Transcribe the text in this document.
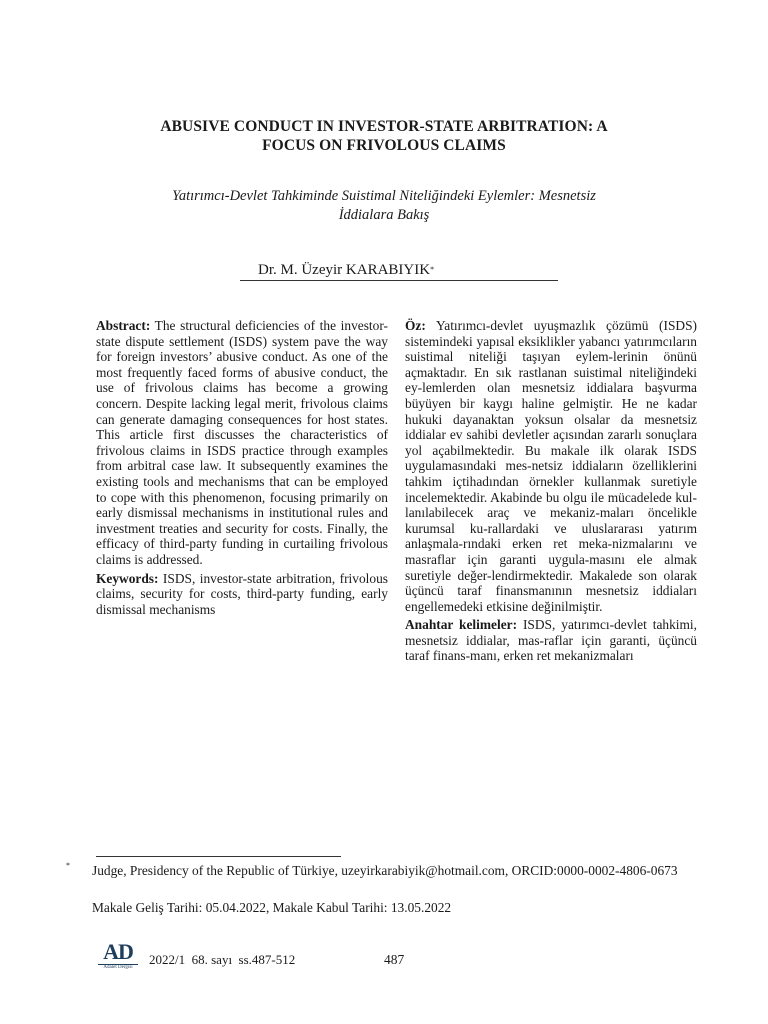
ABUSIVE CONDUCT IN INVESTOR-STATE ARBITRATION: A
FOCUS ON FRIVOLOUS CLAIMS
Yatırımcı-Devlet Tahkiminde Suistimal Niteliğindeki Eylemler: Mesnetsiz
İddialara Bakış
Dr. M. Üzeyir KARABIYIK*

Abstract: The structural deficiencies of the investor-state dispute settlement (ISDS) system pave the way for foreign investors’ abusive conduct. As one of the most frequently faced forms of abusive conduct, the use of frivolous claims has become a growing concern. Despite lacking legal merit, frivolous claims can generate damaging consequences for host states. This article first discusses the characteristics of frivolous claims in ISDS practice through examples from arbitral case law. It subsequently examines the existing tools and mechanisms that can be employed to cope with this phenomenon, focusing primarily on early dismissal mechanisms in institutional rules and investment treaties and security for costs. Finally, the efficacy of third-party funding in curtailing frivolous claims is addressed.

Keywords: ISDS, investor-state arbitration, frivolous claims, security for costs, third-party funding, early dismissal mechanisms

Öz: Yatırımcı-devlet uyuşmazlık çözümü (ISDS) sistemindeki yapısal eksiklikler yabancı yatırımcıların suistimal niteliği taşıyan eylem-lerinin önünü açmaktadır. En sık rastlanan suistimal niteliğindeki ey-lemlerden olan mesnetsiz iddialara başvurma büyüyen bir kaygı haline gelmiştir. He ne kadar hukuki dayanaktan yoksun olsalar da mesnetsiz iddialar ev sahibi devletler açısından zararlı sonuçlara yol açabilmektedir. Bu makale ilk olarak ISDS uygulamasındaki mes-netsiz iddiaların özelliklerini tahkim içtihadından örnekler kullanmak suretiyle incelemektedir. Akabinde bu olgu ile mücadelede kul-lanılabilecek araç ve mekaniz-maları öncelikle kurumsal ku-rallardaki ve uluslararası yatırım anlaşmala-rındaki erken ret meka-nizmalarını ve masraflar için garanti uygula-masını ele almak suretiyle değer-lendirmektedir. Makalede son olarak üçüncü taraf finansmanının mesnetsiz iddiaları engellemedeki etkisine değinilmiştir.

Anahtar kelimeler: ISDS, yatırımcı-devlet tahkimi, mesnetsiz iddialar, mas-raflar için garanti, üçüncü taraf finans-manı, erken ret mekanizmaları

* Judge, Presidency of the Republic of Türkiye, uzeyirkarabiyik@hotmail.com, ORCID:0000-0002-4806-0673
Makale Geliş Tarihi: 05.04.2022, Makale Kabul Tarihi: 13.05.2022
AD
Adalet Dergisi
2022/1  68. sayı  ss.487-512	487
